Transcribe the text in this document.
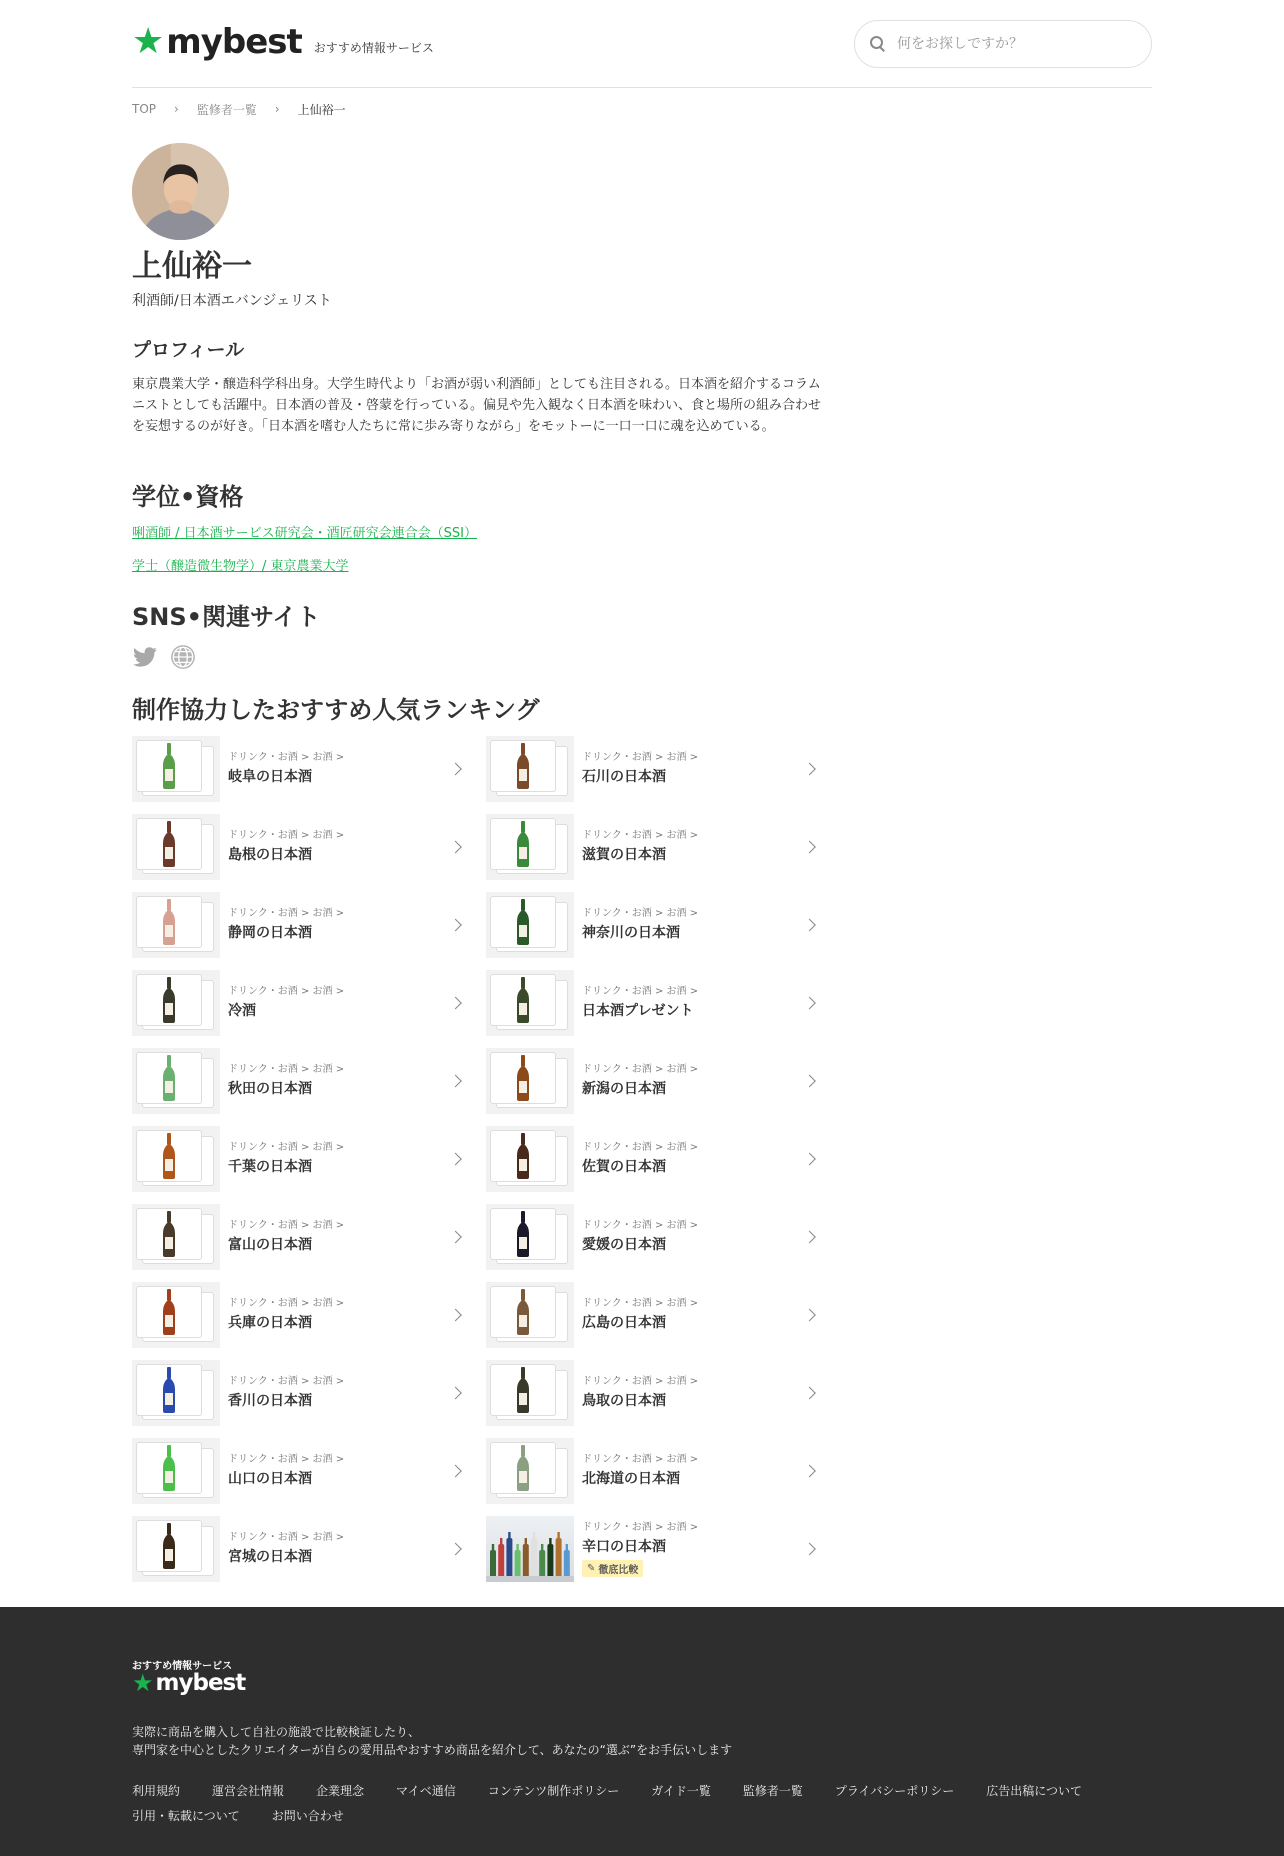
★ mybest おすすめ情報サービス
何をお探しですか？
TOP › 監修者一覧 › 上仙裕一
上仙裕一
利酒師/日本酒エバンジェリスト
プロフィール

東京農業大学・醸造科学科出身。大学生時代より「お酒が弱い利酒師」としても注目される。日本酒を紹介するコラムニストとしても活躍中。日本酒の普及・啓蒙を行っている。偏見や先入観なく日本酒を味わい、食と場所の組み合わせを妄想するのが好き。「日本酒を嗜む人たちに常に歩み寄りながら」をモットーに一口一口に魂を込めている。

学位•資格
唎酒師 / 日本酒サービス研究会・酒匠研究会連合会（SSI）
学士（醸造微生物学）/ 東京農業大学
SNS•関連サイト
制作協力したおすすめ人気ランキング
ドリンク・お酒 > お酒 >
岐阜の日本酒
ドリンク・お酒 > お酒 >
石川の日本酒
ドリンク・お酒 > お酒 >
島根の日本酒
ドリンク・お酒 > お酒 >
滋賀の日本酒
ドリンク・お酒 > お酒 >
静岡の日本酒
ドリンク・お酒 > お酒 >
神奈川の日本酒
ドリンク・お酒 > お酒 >
冷酒
ドリンク・お酒 > お酒 >
日本酒プレゼント
ドリンク・お酒 > お酒 >
秋田の日本酒
ドリンク・お酒 > お酒 >
新潟の日本酒
ドリンク・お酒 > お酒 >
千葉の日本酒
ドリンク・お酒 > お酒 >
佐賀の日本酒
ドリンク・お酒 > お酒 >
富山の日本酒
ドリンク・お酒 > お酒 >
愛媛の日本酒
ドリンク・お酒 > お酒 >
兵庫の日本酒
ドリンク・お酒 > お酒 >
広島の日本酒
ドリンク・お酒 > お酒 >
香川の日本酒
ドリンク・お酒 > お酒 >
鳥取の日本酒
ドリンク・お酒 > お酒 >
山口の日本酒
ドリンク・お酒 > お酒 >
北海道の日本酒
ドリンク・お酒 > お酒 >
宮城の日本酒
ドリンク・お酒 > お酒 >
辛口の日本酒
✎ 徹底比較
おすすめ情報サービス
★ mybest
実際に商品を購入して自社の施設で比較検証したり、
専門家を中心としたクリエイターが自らの愛用品やおすすめ商品を紹介して、あなたの“選ぶ”をお手伝いします
利用規約	運営会社情報	企業理念	マイベ通信	コンテンツ制作ポリシー	ガイド一覧	監修者一覧	プライバシーポリシー	広告出稿について
引用・転載について	お問い合わせ
